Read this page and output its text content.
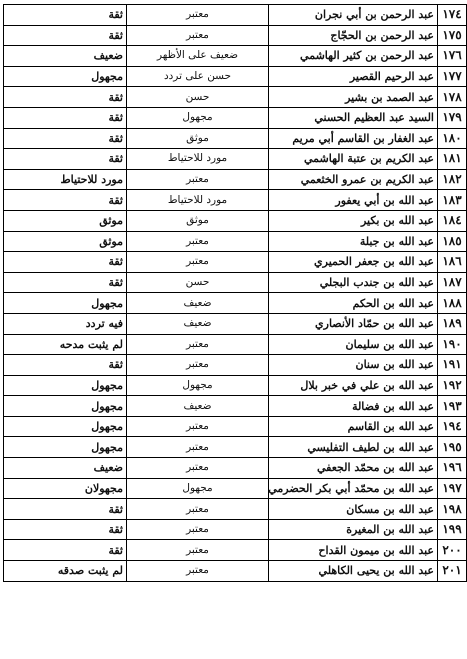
١٧٤	عبد الرحمن بن أبي نجران	معتبر	ثقة
١٧٥	عبد الرحمن بن الحجّاج	معتبر	ثقة
١٧٦	عبد الرحمن بن كثير الهاشمي	ضعيف على الأظهر	ضعيف
١٧٧	عبد الرحيم القصير	حسن على تردد	مجهول
١٧٨	عبد الصمد بن بشير	حسن	ثقة
١٧٩	السيد عبد العظيم الحسني	مجهول	ثقة
١٨٠	عبد الغفار بن القاسم أبي مريم	موثق	ثقة
١٨١	عبد الكريم بن عتبة الهاشمي	مورد للاحتياط	ثقة
١٨٢	عبد الكريم بن عمرو الخثعمي	معتبر	مورد للاحتياط
١٨٣	عبد الله بن أبي يعفور	مورد للاحتياط	ثقة
١٨٤	عبد الله بن بكير	موثق	موثق
١٨٥	عبد الله بن جبلة	معتبر	موثق
١٨٦	عبد الله بن جعفر الحميري	معتبر	ثقة
١٨٧	عبد الله بن جندب البجلي	حسن	ثقة
١٨٨	عبد الله بن الحكم	ضعيف	مجهول
١٨٩	عبد الله بن حمّاد الأنصاري	ضعيف	فيه تردد
١٩٠	عبد الله بن سليمان	معتبر	لم يثبت مدحه
١٩١	عبد الله بن سنان	معتبر	ثقة
١٩٢	عبد الله بن علي في خبر بلال	مجهول	مجهول
١٩٣	عبد الله بن فضالة	ضعيف	مجهول
١٩٤	عبد الله بن القاسم	معتبر	مجهول
١٩٥	عبد الله بن لطيف التفليسي	معتبر	مجهول
١٩٦	عبد الله بن محمّد الجعفي	معتبر	ضعيف
١٩٧	عبد الله بن محمّد أبي بكر الحضرمي	مجهول	مجهولان
١٩٨	عبد الله بن مسكان	معتبر	ثقة
١٩٩	عبد الله بن المغيرة	معتبر	ثقة
٢٠٠	عبد الله بن ميمون القداح	معتبر	ثقة
٢٠١	عبد الله بن يحيى الكاهلي	معتبر	لم يثبت صدقه
